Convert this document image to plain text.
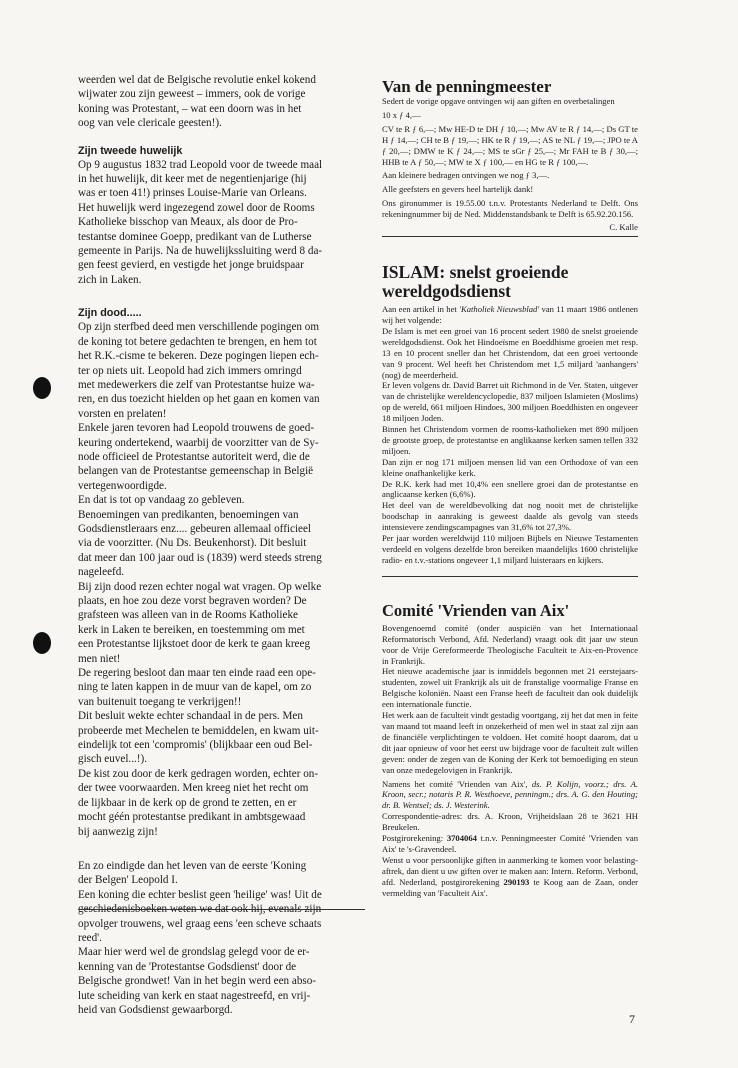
weerden wel dat de Belgische revolutie enkel kokend

wijwater zou zijn geweest – immers, ook de vorige

koning was Protestant, – wat een doorn was in het

oog van vele clericale geesten!).

Zijn tweede huwelijk

Op 9 augustus 1832 trad Leopold voor de tweede maal

in het huwelijk, dit keer met de negentienjarige (hij

was er toen 41!) prinses Louise-Marie van Orleans.

Het huwelijk werd ingezegend zowel door de Rooms

Katholieke bisschop van Meaux, als door de Pro-

testantse dominee Goepp, predikant van de Lutherse

gemeente in Parijs. Na de huwelijkssluiting werd 8 da-

gen feest gevierd, en vestigde het jonge bruidspaar

zich in Laken.

Zijn dood.....

Op zijn sterfbed deed men verschillende pogingen om

de koning tot betere gedachten te brengen, en hem tot

het R.K.-cisme te bekeren. Deze pogingen liepen ech-

ter op niets uit. Leopold had zich immers omringd

met medewerkers die zelf van Protestantse huize wa-

ren, en dus toezicht hielden op het gaan en komen van

vorsten en prelaten!

Enkele jaren tevoren had Leopold trouwens de goed-

keuring ondertekend, waarbij de voorzitter van de Sy-

node officieel de Protestantse autoriteit werd, die de

belangen van de Protestantse gemeenschap in België

vertegenwoordigde.

En dat is tot op vandaag zo gebleven.

Benoemingen van predikanten, benoemingen van

Godsdienstleraars enz.... gebeuren allemaal officieel

via de voorzitter. (Nu Ds. Beukenhorst). Dit besluit

dat meer dan 100 jaar oud is (1839) werd steeds streng

nageleefd.

Bij zijn dood rezen echter nogal wat vragen. Op welke

plaats, en hoe zou deze vorst begraven worden? De

grafsteen was alleen van in de Rooms Katholieke

kerk in Laken te bereiken, en toestemming om met

een Protestantse lijkstoet door de kerk te gaan kreeg

men niet!

De regering besloot dan maar ten einde raad een ope-

ning te laten kappen in de muur van de kapel, om zo

van buitenuit toegang te verkrijgen!!

Dit besluit wekte echter schandaal in de pers. Men

probeerde met Mechelen te bemiddelen, en kwam uit-

eindelijk tot een 'compromis' (blijkbaar een oud Bel-

gisch euvel...!).

De kist zou door de kerk gedragen worden, echter on-

der twee voorwaarden. Men kreeg niet het recht om

de lijkbaar in de kerk op de grond te zetten, en er

mocht géén protestantse predikant in ambtsgewaad

bij aanwezig zijn!

En zo eindigde dan het leven van de eerste 'Koning

der Belgen' Leopold I.

Een koning die echter beslist geen 'heilige' was! Uit de

geschiedenisboeken weten we dat ook hij, evenals zijn

opvolger trouwens, wel graag eens 'een scheve schaats

reed'.

Maar hier werd wel de grondslag gelegd voor de er-

kenning van de 'Protestantse Godsdienst' door de

Belgische grondwet! Van in het begin werd een abso-

lute scheiding van kerk en staat nagestreefd, en vrij-

heid van Godsdienst gewaarborgd.

Van de penningmeester

Sedert de vorige opgave ontvingen wij aan giften en overbetalingen

10 x ƒ 4,—

CV te R ƒ 6,—; Mw HE-D te DH ƒ 10,—; Mw AV te R ƒ 14,—; Ds GT te H ƒ 14,—; CH te B ƒ 19,—; HK te R ƒ 19,—; AS te NL ƒ 19,—; JPO te A ƒ 20,—; DMW te K ƒ 24,—; MS te sGr ƒ 25,—; Mr FAH te B ƒ 30,—; HHB te A ƒ 50,—; MW te X ƒ 100,— en HG te R ƒ 100,—.

Aan kleinere bedragen ontvingen we nog ƒ 3,—.

Alle geefsters en gevers heel hartelijk dank!

Ons gironummer is 19.55.00 t.n.v. Protestants Nederland te Delft. Ons rekeningnummer bij de Ned. Middenstandsbank te Delft is 65.92.20.156.

C. Kalle

ISLAM: snelst groeiende
wereldgodsdienst

Aan een artikel in het 'Katholiek Nieuwsblad' van 11 maart 1986 ontlenen wij het volgende:

De Islam is met een groei van 16 procent sedert 1980 de snelst groeiende wereldgodsdienst. Ook het Hindoeïsme en Boeddhisme groeien met resp. 13 en 10 procent sneller dan het Christendom, dat een groei vertoonde van 9 procent. Wel heeft het Christendom met 1,5 miljard 'aanhangers' (nog) de meerderheid.

Er leven volgens dr. David Barret uit Richmond in de Ver. Staten, uitgever van de christelijke wereldencyclopedie, 837 miljoen Islamieten (Moslims) op de wereld, 661 miljoen Hindoes, 300 miljoen Boeddhisten en ongeveer 18 miljoen Joden.

Binnen het Christendom vormen de rooms-katholieken met 890 miljoen de grootste groep, de protestantse en anglikaanse kerken samen tellen 332 miljoen.

Dan zijn er nog 171 miljoen mensen lid van een Orthodoxe of van een kleine onafhankelijke kerk.

De R.K. kerk had met 10,4% een snellere groei dan de protestantse en anglicaanse kerken (6,6%).

Het deel van de wereldbevolking dat nog nooit met de christelijke boodschap in aanraking is geweest daalde als gevolg van steeds intensievere zendingscampagnes van 31,6% tot 27,3%.

Per jaar worden wereldwijd 110 miljoen Bijbels en Nieuwe Testamenten verdeeld en volgens dezelfde bron bereiken maandelijks 1600 christelijke radio- en t.v.-stations ongeveer 1,1 miljard luisteraars en kijkers.

Comité 'Vrienden van Aix'

Bovengenoemd comité (onder auspiciën van het Internationaal Reformatorisch Verbond, Afd. Nederland) vraagt ook dit jaar uw steun voor de Vrije Gereformeerde Theologische Faculteit te Aix-en-Provence in Frankrijk.

Het nieuwe academische jaar is inmiddels begonnen met 21 eerstejaars-studenten, zowel uit Frankrijk als uit de franstalige voormalige Franse en Belgische koloniën. Naast een Franse heeft de faculteit dan ook duidelijk een internationale functie.

Het werk aan de faculteit vindt gestadig voortgang, zij het dat men in feite van maand tot maand leeft in onzekerheid of men wel in staat zal zijn aan de financiële verplichtingen te voldoen. Het comité hoopt daarom, dat u dit jaar opnieuw of voor het eerst uw bijdrage voor de faculteit zult willen geven: onder de zegen van de Koning der Kerk tot bemoediging en steun van onze medegelovigen in Frankrijk.

Namens het comité 'Vrienden van Aix', ds. P. Kolijn, voorz.; drs. A. Kroon, secr.; notaris P. R. Westhoeve, penningm.; drs. A. G. den Houting; dr. B. Wentsel; ds. J. Westerink.

Correspondentie-adres: drs. A. Kroon, Vrijheidslaan 28 te 3621 HH Breukelen.

Postgirorekening: 3704064 t.n.v. Penningmeester Comité 'Vrienden van Aix' te 's-Gravendeel.

Wenst u voor persoonlijke giften in aanmerking te komen voor belasting-aftrek, dan dient u uw giften over te maken aan: Intern. Reform. Verbond, afd. Nederland, postgirorekening 290193 te Koog aan de Zaan, onder vermelding van 'Faculteit Aix'.

7
